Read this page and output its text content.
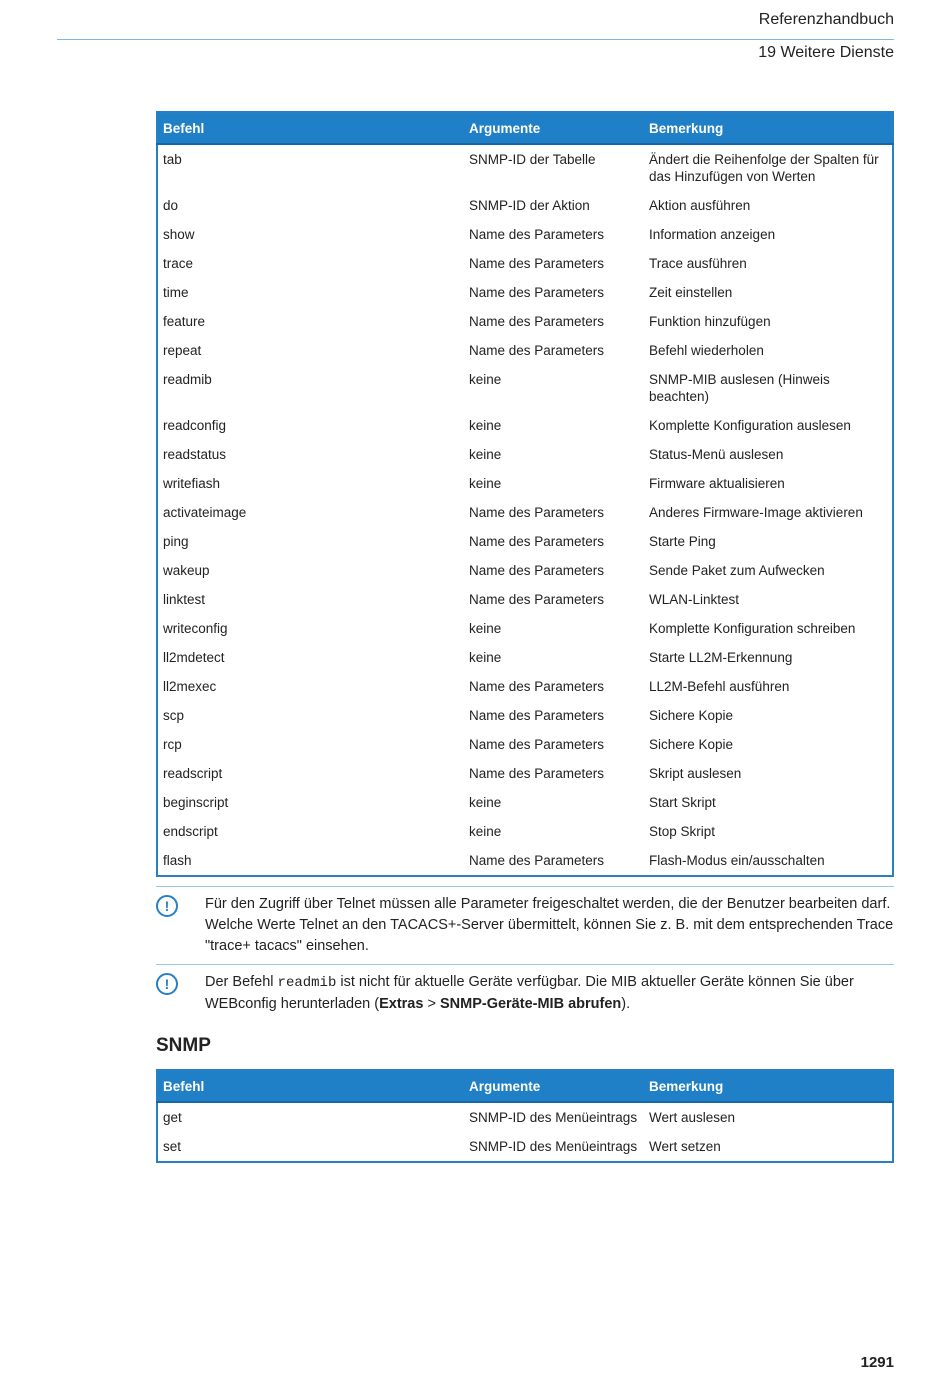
Referenzhandbuch
19 Weitere Dienste
Befehl	Argumente	Bemerkung
tab	SNMP-ID der Tabelle	Ändert die Reihenfolge der Spalten für das Hinzufügen von Werten
do	SNMP-ID der Aktion	Aktion ausführen
show	Name des Parameters	Information anzeigen
trace	Name des Parameters	Trace ausführen
time	Name des Parameters	Zeit einstellen
feature	Name des Parameters	Funktion hinzufügen
repeat	Name des Parameters	Befehl wiederholen
readmib	keine	SNMP-MIB auslesen (Hinweis beachten)
readconfig	keine	Komplette Konfiguration auslesen
readstatus	keine	Status-Menü auslesen
writefiash	keine	Firmware aktualisieren
activateimage	Name des Parameters	Anderes Firmware-Image aktivieren
ping	Name des Parameters	Starte Ping
wakeup	Name des Parameters	Sende Paket zum Aufwecken
linktest	Name des Parameters	WLAN-Linktest
writeconfig	keine	Komplette Konfiguration schreiben
ll2mdetect	keine	Starte LL2M-Erkennung
ll2mexec	Name des Parameters	LL2M-Befehl ausführen
scp	Name des Parameters	Sichere Kopie
rcp	Name des Parameters	Sichere Kopie
readscript	Name des Parameters	Skript auslesen
beginscript	keine	Start Skript
endscript	keine	Stop Skript
flash	Name des Parameters	Flash-Modus ein/ausschalten
!	Für den Zugriff über Telnet müssen alle Parameter freigeschaltet werden, die der Benutzer bearbeiten darf. Welche Werte Telnet an den TACACS+-Server übermittelt, können Sie z. B. mit dem entsprechenden Trace "trace+ tacacs" einsehen.
!	Der Befehl readmib ist nicht für aktuelle Geräte verfügbar. Die MIB aktueller Geräte können Sie über WEBconfig herunterladen (Extras > SNMP-Geräte-MIB abrufen).
SNMP
Befehl	Argumente	Bemerkung
get	SNMP-ID des Menüeintrags	Wert auslesen
set	SNMP-ID des Menüeintrags	Wert setzen
1291
